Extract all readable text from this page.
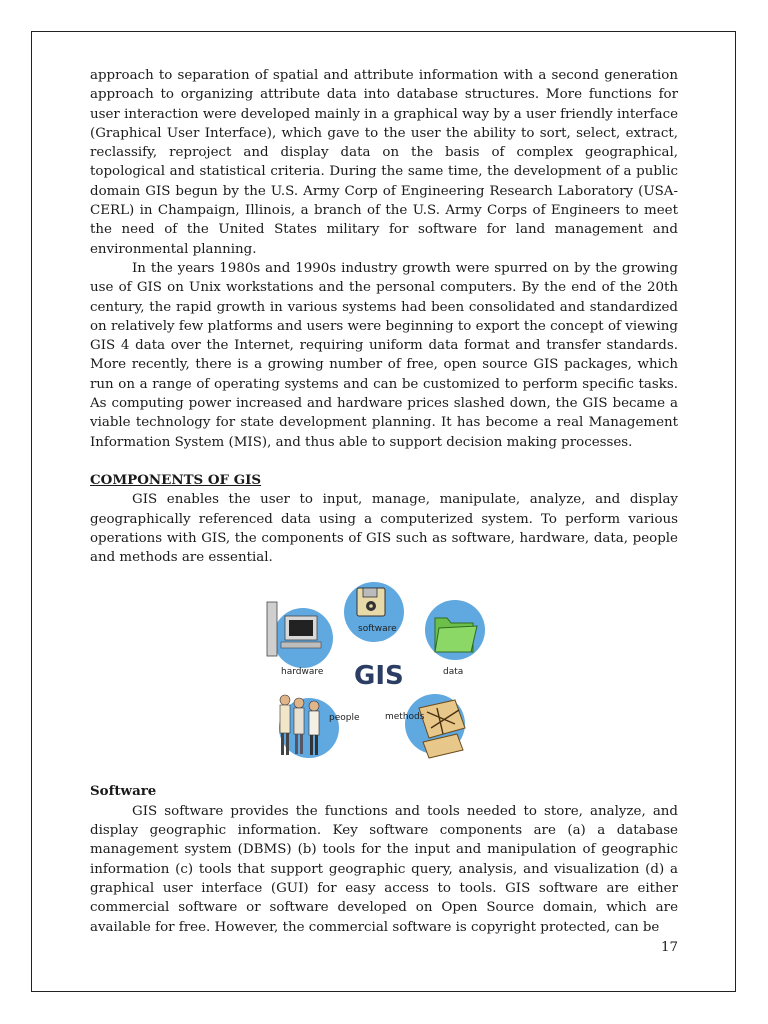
approach to separation of spatial and attribute information with a second generation approach to organizing attribute data into database structures. More functions for user interaction were developed mainly in a graphical way by a user friendly interface (Graphical User Interface), which gave to the user the ability to sort, select, extract, reclassify, reproject and display data on the basis of complex geographical, topological and statistical criteria. During the same time, the development of a public domain GIS begun by the U.S. Army Corp of Engineering Research Laboratory (USA-CERL) in Champaign, Illinois, a branch of the U.S. Army Corps of Engineers to meet the need of the United States military for software for land management and environmental planning.

In the years 1980s and 1990s industry growth were spurred on by the growing use of GIS on Unix workstations and the personal computers. By the end of the 20th century, the rapid growth in various systems had been consolidated and standardized on relatively few platforms and users were beginning to export the concept of viewing GIS 4 data over the Internet, requiring uniform data format and transfer standards. More recently, there is a growing number of free, open source GIS packages, which run on a range of operating systems and can be customized to perform specific tasks. As computing power increased and hardware prices slashed down, the GIS became a viable technology for state development planning. It has become a real Management Information System (MIS), and thus able to support decision making processes.

COMPONENTS OF GIS

GIS enables the user to input, manage, manipulate, analyze, and display geographically referenced data using a computerized system. To perform various operations with GIS, the components of GIS such as software, hardware, data, people and methods are essential.

software
hardware	data
GIS
people	methods
Software

GIS software provides the functions and tools needed to store, analyze, and display geographic information. Key software components are (a) a database management system (DBMS) (b) tools for the input and manipulation of geographic information (c) tools that support geographic query, analysis, and visualization (d) a graphical user interface (GUI) for easy access to tools. GIS software are either commercial software or software developed on Open Source domain, which are available for free. However, the commercial software is copyright protected, can be

17
